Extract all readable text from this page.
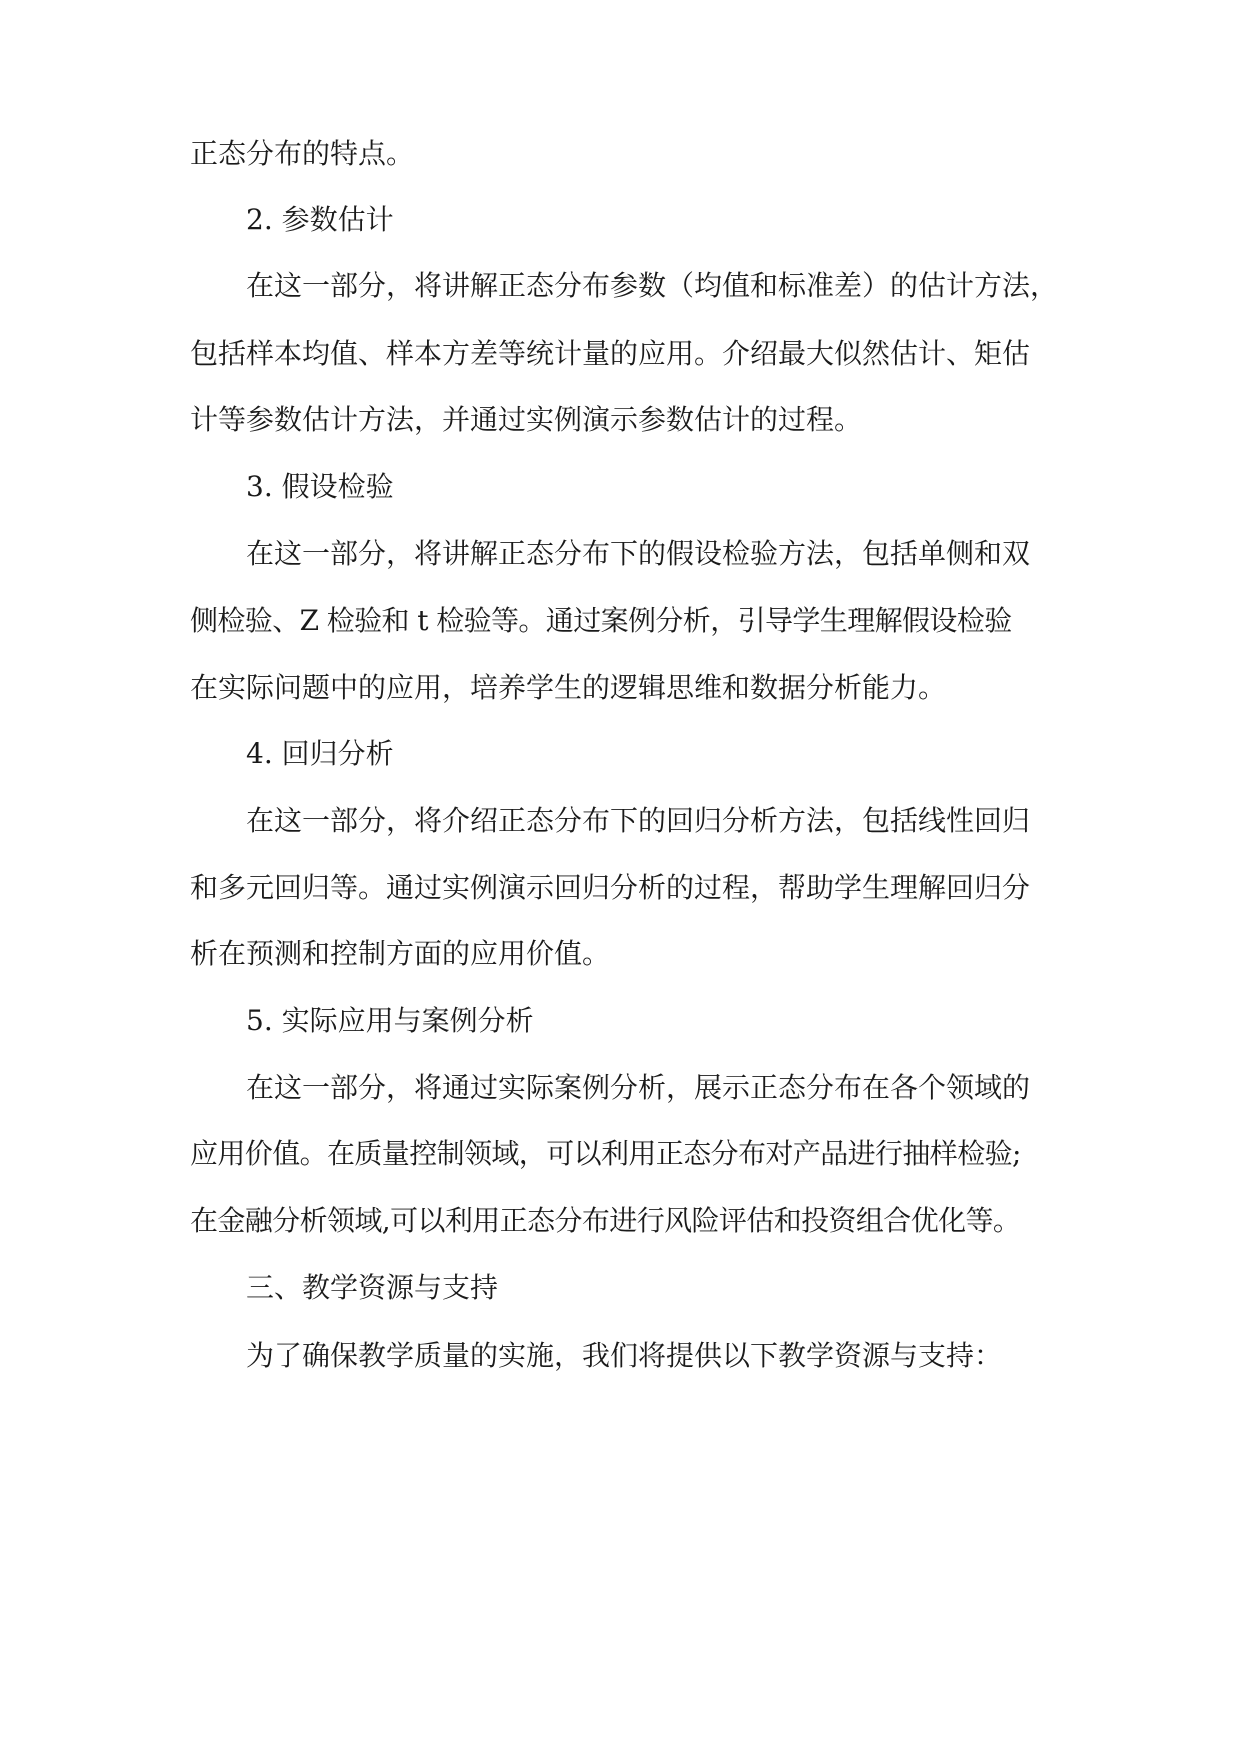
正态分布的特点。
2. 参数估计
在这一部分，将讲解正态分布参数（均值和标准差）的估计方法，
包括样本均值、样本方差等统计量的应用。介绍最大似然估计、矩估
计等参数估计方法，并通过实例演示参数估计的过程。
3. 假设检验
在这一部分，将讲解正态分布下的假设检验方法，包括单侧和双
侧检验、Z 检验和 t 检验等。通过案例分析，引导学生理解假设检验
在实际问题中的应用，培养学生的逻辑思维和数据分析能力。
4. 回归分析
在这一部分，将介绍正态分布下的回归分析方法，包括线性回归
和多元回归等。通过实例演示回归分析的过程，帮助学生理解回归分
析在预测和控制方面的应用价值。
5. 实际应用与案例分析
在这一部分，将通过实际案例分析，展示正态分布在各个领域的
应用价值。在质量控制领域，可以利用正态分布对产品进行抽样检验;
在金融分析领域,可以利用正态分布进行风险评估和投资组合优化等。
三、教学资源与支持
为了确保教学质量的实施，我们将提供以下教学资源与支持：
